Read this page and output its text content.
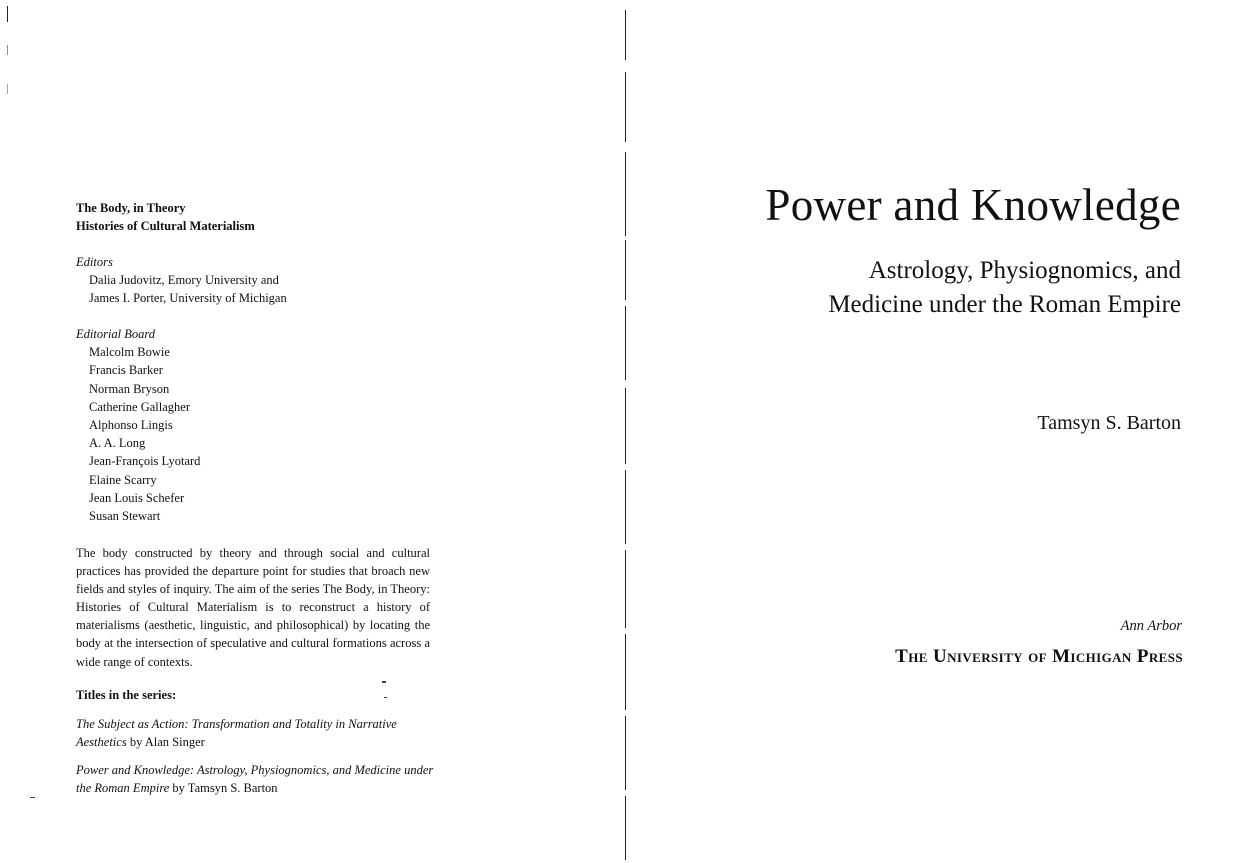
The Body, in Theory
Histories of Cultural Materialism
Editors
Dalia Judovitz, Emory University and
James I. Porter, University of Michigan
Editorial Board
Malcolm Bowie
Francis Barker
Norman Bryson
Catherine Gallagher
Alphonso Lingis
A. A. Long
Jean-François Lyotard
Elaine Scarry
Jean Louis Schefer
Susan Stewart

The body constructed by theory and through social and cultural practices has provided the departure point for studies that broach new fields and styles of inquiry. The aim of the series The Body, in Theory: Histories of Cultural Materialism is to reconstruct a history of materialisms (aesthetic, linguistic, and philosophical) by locating the body at the intersection of speculative and cultural formations across a wide range of contexts.

Titles in the series:
The Subject as Action: Transformation and Totality in Narrative Aesthetics by Alan Singer
Power and Knowledge: Astrology, Physiognomics, and Medicine under the Roman Empire by Tamsyn S. Barton
Power and Knowledge
Astrology, Physiognomics, and
Medicine under the Roman Empire
Tamsyn S. Barton
Ann Arbor
The University of Michigan Press
